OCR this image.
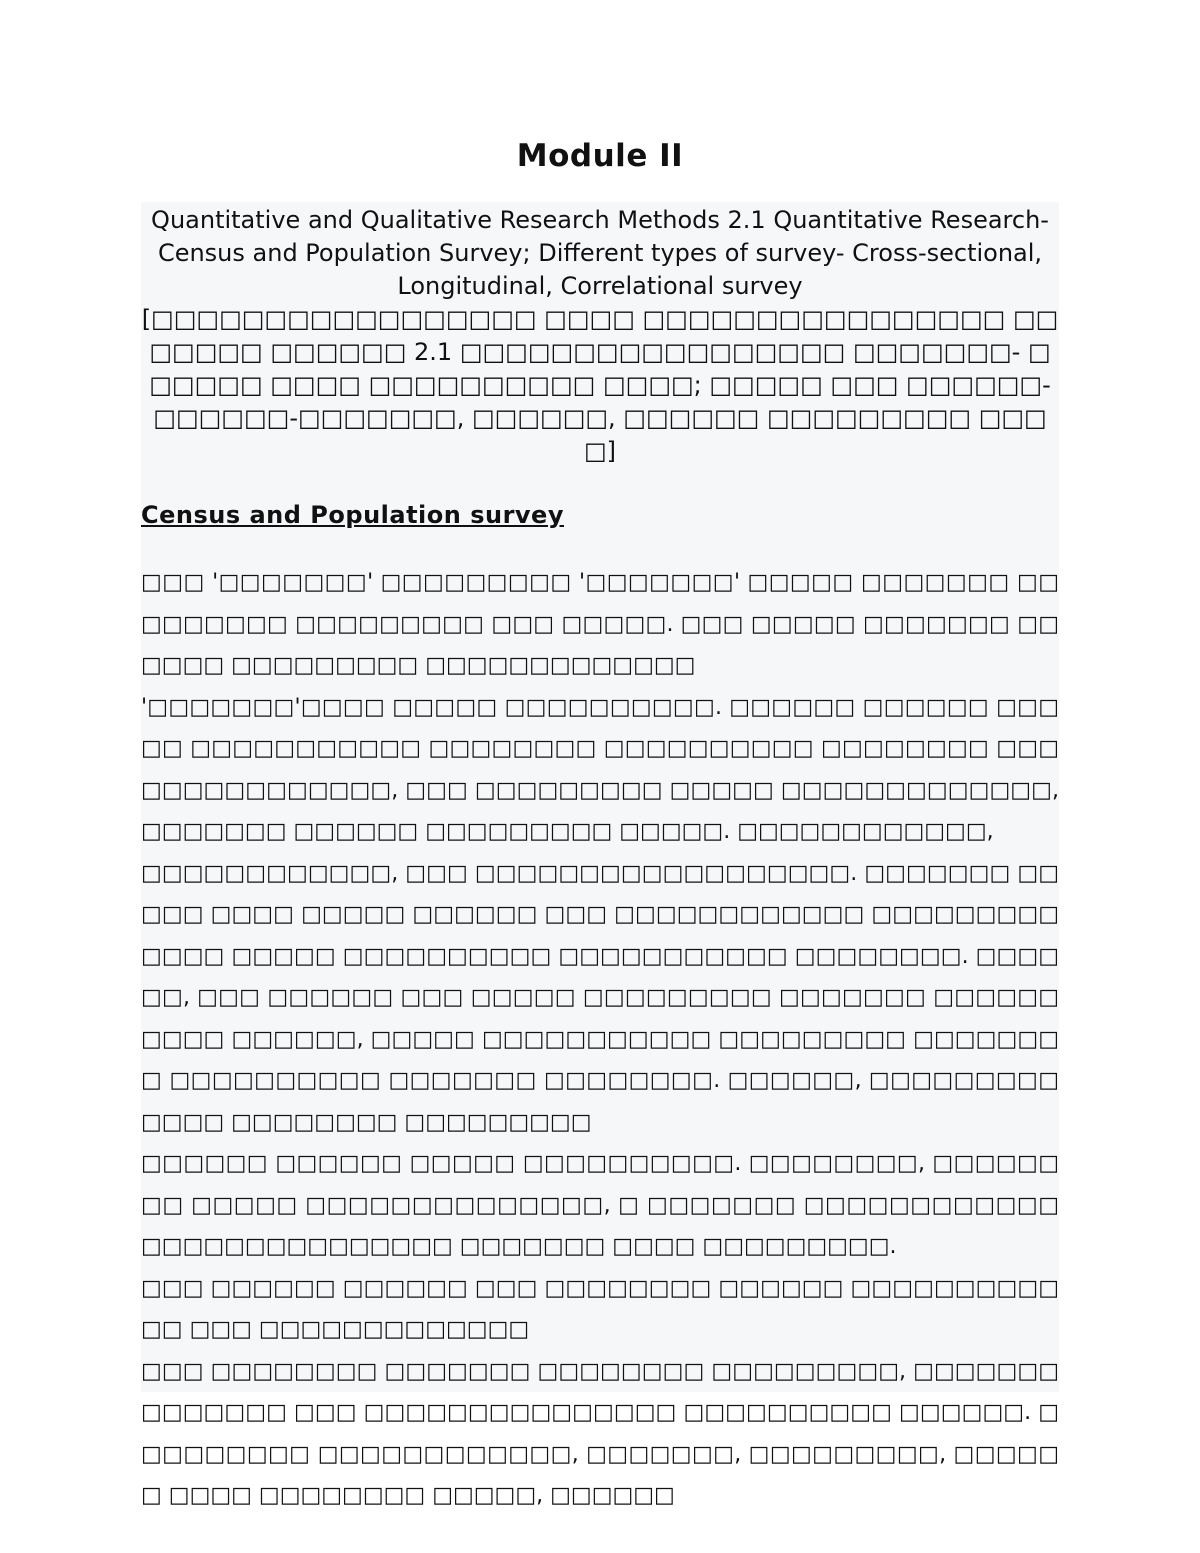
Module II
Quantitative and Qualitative Research Methods 2.1 Quantitative Research- Census and Population Survey; Different types of survey- Cross-sectional, Longitudinal, Correlational survey
[□□□□□□□□□□□□□□□□□ □□□□ □□□□□□□□□□□□□□□□ □□□□□□□ □□□□□□ 2.1 □□□□□□□□□□□□□□□□□ □□□□□□□- □□□□□□ □□□□ □□□□□□□□□□ □□□□; □□□□□ □□□ □□□□□□- □□□□□□-□□□□□□□, □□□□□□, □□□□□□ □□□□□□□□□ □□□□]
Census and Population survey

□□□ '□□□□□□□' □□□□□□□□□ '□□□□□□□' □□□□□ □□□□□□□ □□□□□□□□□ □□□□□□□□□ □□□ □□□□□. □□□ □□□□□ □□□□□□□ □□□□□□ □□□□□□□□□ □□□□□□□□□□□□□

'□□□□□□□'□□□□ □□□□□ □□□□□□□□□□. □□□□□□ □□□□□□ □□□□□ □□□□□□□□□□□ □□□□□□□□ □□□□□□□□□□ □□□□□□□□ □□□□□□□□□□□□□□□, □□□ □□□□□□□□□ □□□□□ □□□□□□□□□□□□□, □□□□□□□ □□□□□□ □□□□□□□□□ □□□□□. □□□□□□□□□□□□,

□□□□□□□□□□□□, □□□ □□□□□□□□□□□□□□□□□□. □□□□□□□ □□□□□ □□□□ □□□□□ □□□□□□ □□□ □□□□□□□□□□□□ □□□□□□□□□□□□□ □□□□□ □□□□□□□□□□ □□□□□□□□□□□ □□□□□□□□. □□□□□□, □□□ □□□□□□ □□□ □□□□□ □□□□□□□□□ □□□□□□□ □□□□□□□□□□ □□□□□□, □□□□□ □□□□□□□□□□□ □□□□□□□□□ □□□□□□□□ □□□□□□□□□□ □□□□□□□ □□□□□□□□. □□□□□□, □□□□□□□□□□□□□ □□□□□□□□ □□□□□□□□□

□□□□□□ □□□□□□ □□□□□ □□□□□□□□□□. □□□□□□□□, □□□□□□□□ □□□□□ □□□□□□□□□□□□□□, □ □□□□□□□ □□□□□□□□□□□□ □□□□□□□□□□□□□□□ □□□□□□□ □□□□ □□□□□□□□□.

□□□ □□□□□□ □□□□□□ □□□ □□□□□□□□ □□□□□□ □□□□□□□□□□□□ □□□ □□□□□□□□□□□□□

□□□ □□□□□□□□ □□□□□□□ □□□□□□□□ □□□□□□□□□, □□□□□□□ □□□□□□□ □□□ □□□□□□□□□□□□□□□ □□□□□□□□□□ □□□□□□. □□□□□□□□□ □□□□□□□□□□□□, □□□□□□□, □□□□□□□□□, □□□□□□ □□□□ □□□□□□□□ □□□□□, □□□□□□
